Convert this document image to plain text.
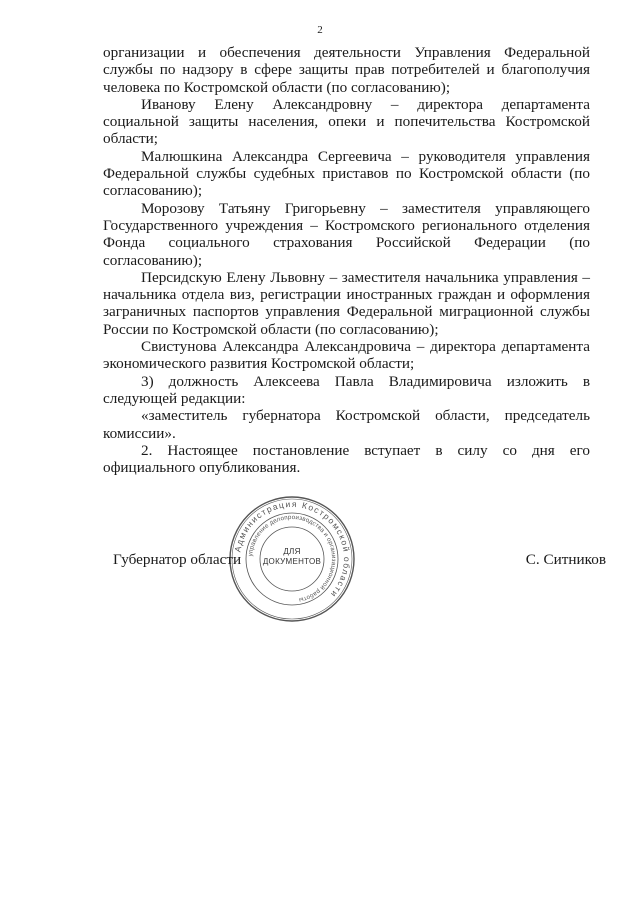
2

организации и обеспечения деятельности Управления Федеральной службы по надзору в сфере защиты прав потребителей и благополучия человека по Костромской области (по согласованию);

Иванову Елену Александровну – директора департамента социальной защиты населения, опеки и попечительства Костромской области;

Малюшкина Александра Сергеевича – руководителя управления Федеральной службы судебных приставов по Костромской области (по согласованию);

Морозову Татьяну Григорьевну – заместителя управляющего Государственного учреждения – Костромского регионального отделения Фонда социального страхования Российской Федерации (по согласованию);

Персидскую Елену Львовну – заместителя начальника управления – начальника отдела виз, регистрации иностранных граждан и оформления заграничных паспортов управления Федеральной миграционной службы России по Костромской области (по согласованию);

Свистунова Александра Александровича – директора департамента экономического развития Костромской области;

3) должность Алексеева Павла Владимировича изложить в следующей редакции:

«заместитель губернатора Костромской области, председатель комиссии».

2. Настоящее постановление вступает в силу со дня его официального опубликования.

Администрация Костромской области
управление делопроизводства и организационной работы
ДЛЯ
ДОКУМЕНТОВ
Губернатор области	С. Ситников
